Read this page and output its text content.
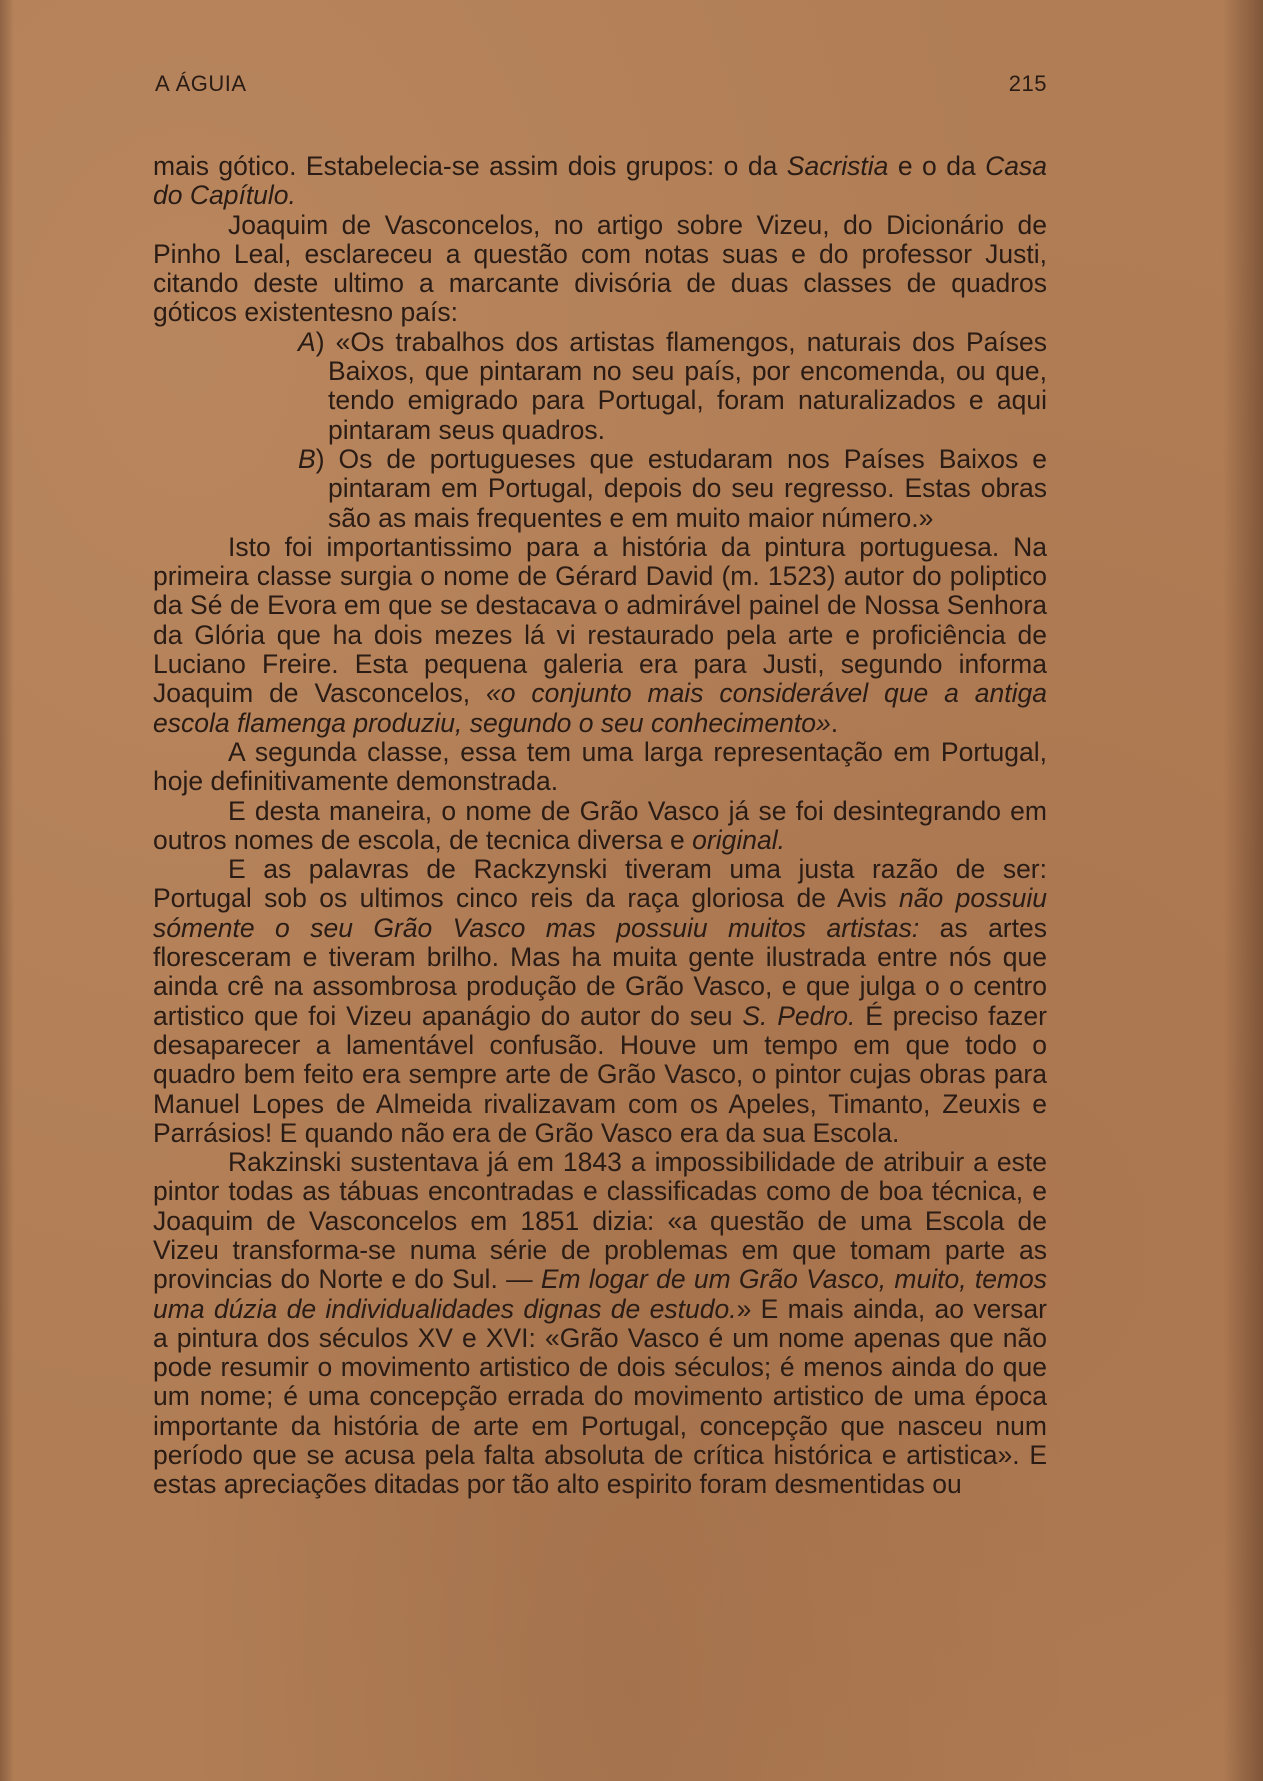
A ÁGUIA	215

mais gótico. Estabelecia-se assim dois grupos: o da Sacristia e o da Casa do Capítulo.

Joaquim de Vasconcelos, no artigo sobre Vizeu, do Dicionário de Pinho Leal, esclareceu a questão com notas suas e do professor Justi, citando deste ultimo a marcante divisória de duas classes de quadros góticos existentesno país:

A) «Os trabalhos dos artistas flamengos, naturais dos Países Baixos, que pintaram no seu país, por encomenda, ou que, tendo emigrado para Portugal, foram naturalizados e aqui pintaram seus quadros.

B) Os de portugueses que estudaram nos Países Baixos e pintaram em Portugal, depois do seu regresso. Estas obras são as mais frequentes e em muito maior número.»

Isto foi importantissimo para a história da pintura portuguesa. Na primeira classe surgia o nome de Gérard David (m. 1523) autor do poliptico da Sé de Evora em que se destacava o admirável painel de Nossa Senhora da Glória que ha dois mezes lá vi restaurado pela arte e proficiência de Luciano Freire. Esta pequena galeria era para Justi, segundo informa Joaquim de Vasconcelos, «o conjunto mais considerável que a antiga escola flamenga produziu, segundo o seu conhecimento».

A segunda classe, essa tem uma larga representação em Portugal, hoje definitivamente demonstrada.

E desta maneira, o nome de Grão Vasco já se foi desintegrando em outros nomes de escola, de tecnica diversa e original.

E as palavras de Rackzynski tiveram uma justa razão de ser: Portugal sob os ultimos cinco reis da raça gloriosa de Avis não possuiu sómente o seu Grão Vasco mas possuiu muitos artistas: as artes floresceram e tiveram brilho. Mas ha muita gente ilustrada entre nós que ainda crê na assombrosa produção de Grão Vasco, e que julga o o centro artistico que foi Vizeu apanágio do autor do seu S. Pedro. É preciso fazer desaparecer a lamentável confusão. Houve um tempo em que todo o quadro bem feito era sempre arte de Grão Vasco, o pintor cujas obras para Manuel Lopes de Almeida rivalizavam com os Apeles, Timanto, Zeuxis e Parrásios! E quando não era de Grão Vasco era da sua Escola.

Rakzinski sustentava já em 1843 a impossibilidade de atribuir a este pintor todas as tábuas encontradas e classificadas como de boa técnica, e Joaquim de Vasconcelos em 1851 dizia: «a questão de uma Escola de Vizeu transforma-se numa série de problemas em que tomam parte as provincias do Norte e do Sul. — Em logar de um Grão Vasco, muito, temos uma dúzia de individualidades dignas de estudo.» E mais ainda, ao versar a pintura dos séculos XV e XVI: «Grão Vasco é um nome apenas que não pode resumir o movimento artistico de dois séculos; é menos ainda do que um nome; é uma concepção errada do movimento artistico de uma época importante da história de arte em Portugal, concepção que nasceu num período que se acusa pela falta absoluta de crítica histórica e artistica». E estas apreciações ditadas por tão alto espirito foram desmentidas ou
